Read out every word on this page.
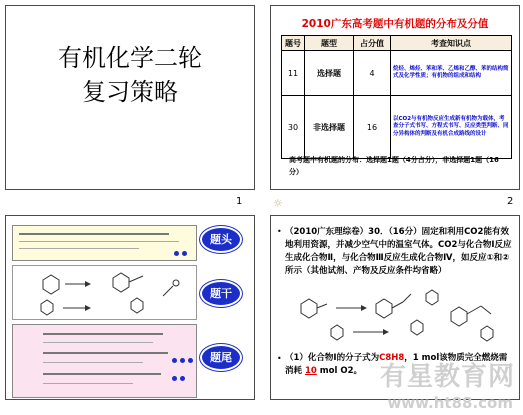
有机化学二轮
复习策略
1
2010广东高考题中有机题的分布及分值
题号	题型	占分值	考查知识点
11	选择题	4	烷烃、烯烃、苯和苯、乙烯和乙醇、苯的结构简式及化学性质；有机物的组成和结构
30	非选择题	16	以CO2与有机物反应生成新有机物为载体，考查分子式书写、方程式书写、反应类型判断、同分异构体的判断及有机合成路线的设计
高考题中有机题的分布：选择题1题（4分占分），非选择题1题（16分）
2
☼
题头
题干
题尾
• （2010广东理综卷）30．（16分）固定和利用CO2能有效地利用资源，并减少空气中的温室气体。CO2与化合物Ⅰ反应生成化合物Ⅱ，与化合物Ⅲ反应生成化合物Ⅳ，如反应①和②所示（其他试剂、产物及反应条件均省略）
• （1）化合物Ⅰ的分子式为C8H8，1 mol该物质完全燃烧需消耗 10 mol O2。 有星教育网
www.ht88.com
